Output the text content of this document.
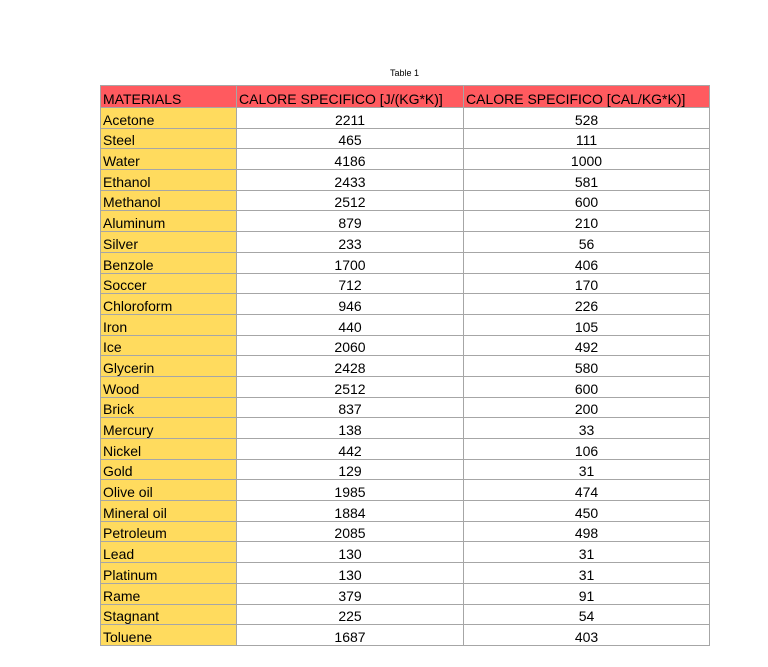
Table 1
MATERIALS	CALORE SPECIFICO [J/(KG*K)]	CALORE SPECIFICO [CAL/KG*K)]
Acetone	2211	528
Steel	465	111
Water	4186	1000
Ethanol	2433	581
Methanol	2512	600
Aluminum	879	210
Silver	233	56
Benzole	1700	406
Soccer	712	170
Chloroform	946	226
Iron	440	105
Ice	2060	492
Glycerin	2428	580
Wood	2512	600
Brick	837	200
Mercury	138	33
Nickel	442	106
Gold	129	31
Olive oil	1985	474
Mineral oil	1884	450
Petroleum	2085	498
Lead	130	31
Platinum	130	31
Rame	379	91
Stagnant	225	54
Toluene	1687	403
